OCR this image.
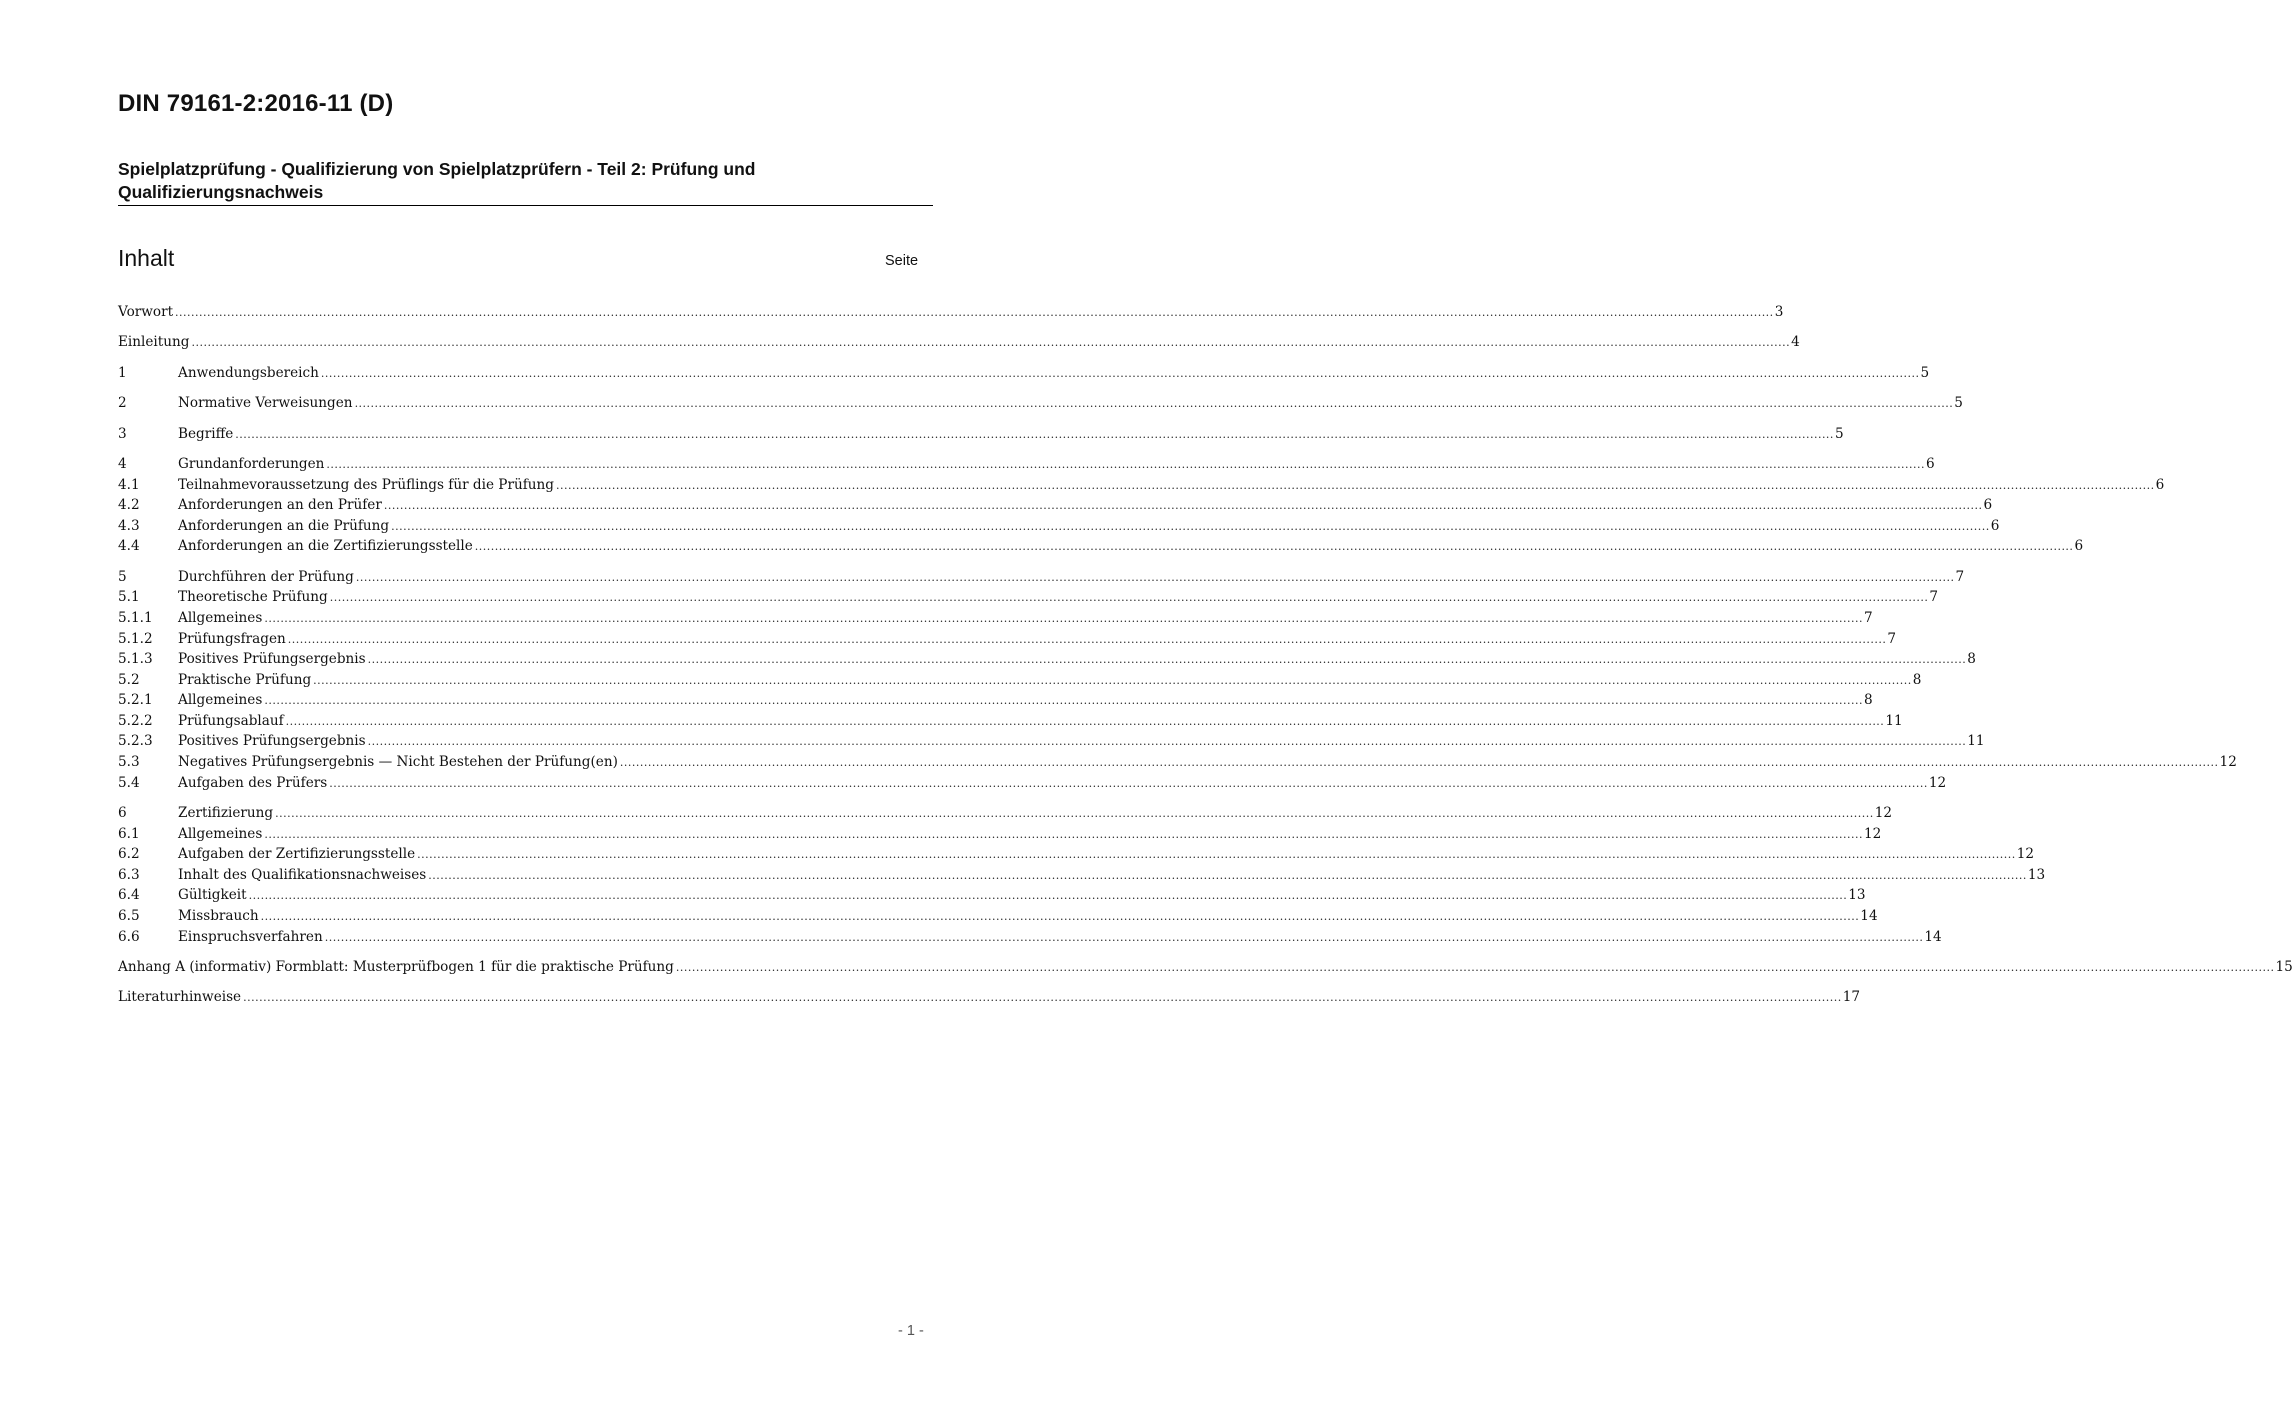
DIN 79161-2:2016-11 (D)
Spielplatzprüfung - Qualifizierung von Spielplatzprüfern - Teil 2: Prüfung und
Qualifizierungsnachweis
Inhalt	Seite
Vorwort ................................................................................................................................................................................................................................................................................................................................................................................................................ 3
Einleitung ................................................................................................................................................................................................................................................................................................................................................................................................................ 4
1	Anwendungsbereich ................................................................................................................................................................................................................................................................................................................................................................................................................ 5
2	Normative Verweisungen ................................................................................................................................................................................................................................................................................................................................................................................................................ 5
3	Begriffe ................................................................................................................................................................................................................................................................................................................................................................................................................ 5
4	Grundanforderungen ................................................................................................................................................................................................................................................................................................................................................................................................................ 6
4.1	Teilnahmevoraussetzung des Prüflings für die Prüfung ................................................................................................................................................................................................................................................................................................................................................................................................................ 6
4.2	Anforderungen an den Prüfer ................................................................................................................................................................................................................................................................................................................................................................................................................ 6
4.3	Anforderungen an die Prüfung ................................................................................................................................................................................................................................................................................................................................................................................................................ 6
4.4	Anforderungen an die Zertifizierungsstelle ................................................................................................................................................................................................................................................................................................................................................................................................................ 6
5	Durchführen der Prüfung ................................................................................................................................................................................................................................................................................................................................................................................................................ 7
5.1	Theoretische Prüfung ................................................................................................................................................................................................................................................................................................................................................................................................................ 7
5.1.1	Allgemeines ................................................................................................................................................................................................................................................................................................................................................................................................................ 7
5.1.2	Prüfungsfragen ................................................................................................................................................................................................................................................................................................................................................................................................................ 7
5.1.3	Positives Prüfungsergebnis ................................................................................................................................................................................................................................................................................................................................................................................................................ 8
5.2	Praktische Prüfung ................................................................................................................................................................................................................................................................................................................................................................................................................ 8
5.2.1	Allgemeines ................................................................................................................................................................................................................................................................................................................................................................................................................ 8
5.2.2	Prüfungsablauf ................................................................................................................................................................................................................................................................................................................................................................................................................ 11
5.2.3	Positives Prüfungsergebnis ................................................................................................................................................................................................................................................................................................................................................................................................................ 11
5.3	Negatives Prüfungsergebnis — Nicht Bestehen der Prüfung(en) ................................................................................................................................................................................................................................................................................................................................................................................................................ 12
5.4	Aufgaben des Prüfers ................................................................................................................................................................................................................................................................................................................................................................................................................ 12
6	Zertifizierung ................................................................................................................................................................................................................................................................................................................................................................................................................ 12
6.1	Allgemeines ................................................................................................................................................................................................................................................................................................................................................................................................................ 12
6.2	Aufgaben der Zertifizierungsstelle ................................................................................................................................................................................................................................................................................................................................................................................................................ 12
6.3	Inhalt des Qualifikationsnachweises ................................................................................................................................................................................................................................................................................................................................................................................................................ 13
6.4	Gültigkeit ................................................................................................................................................................................................................................................................................................................................................................................................................ 13
6.5	Missbrauch ................................................................................................................................................................................................................................................................................................................................................................................................................ 14
6.6	Einspruchsverfahren ................................................................................................................................................................................................................................................................................................................................................................................................................ 14
Anhang A (informativ) Formblatt: Musterprüfbogen 1 für die praktische Prüfung ................................................................................................................................................................................................................................................................................................................................................................................................................ 15
Literaturhinweise ................................................................................................................................................................................................................................................................................................................................................................................................................ 17
- 1 -
